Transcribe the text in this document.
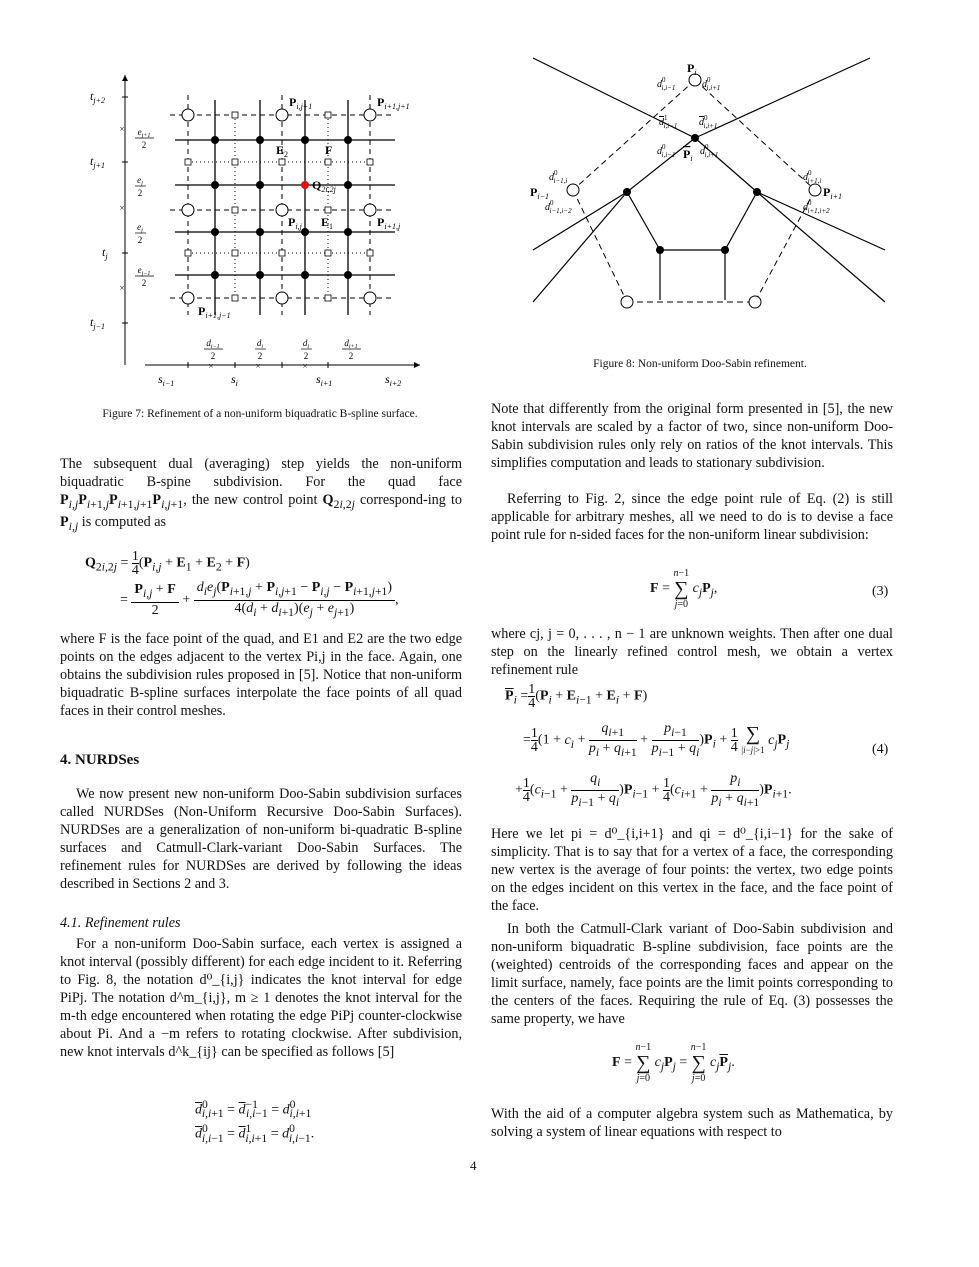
×
×
×
×	×	×
$t_{j+2}$
$t_{j+1}$
$t_j$
$t_{j-1}$
$s_{i-1}$	$s_i$	$s_{i+1}$	$s_{i+2}$
$e_{j+1}$
2
$e_j$
2
$e_j$
2
$e_{j-1}$
2
$d_{i-1}$
2
$d_i$
2
$d_i$
2
$d_{i+1}$
2
$P_{i,j+1}$	$P_{i+1,j+1}$
$P_{i,j}$	$P_{i+1,j}$
$P_{i+1,j-1}$
$E_2$	F
$Q_{2i,2j}$
$E_1$
Figure 7: Refinement of a non-uniform biquadratic B-spline surface.
$P_i$
$P_{i-1}$	$P_{i+1}$
$P_i$
$d^0$ i,i−1	$d^0$ i,i+1
$d^1$ i,i−1 $d^0$ i,i+1
$d^0$ i,i−1 $d^0$ i,i+1
$d^0$ i−1,i
$d^0$ i−1,i−2
$d^0$ i+1,i
$d^0$ i+1,i+2
Figure 8: Non-uniform Doo-Sabin refinement.
The subsequent dual (averaging) step yields the non-uniform biquadratic B-spine subdivision. For the quad face $P_{i,j}P_{i+1,j}P_{i+1,j+1}P_{i,j+1}$, the new control point $Q_{2i,2j}$ correspond-ing to $P_{i,j}$ is computed as
$Q_{2i,2j} = 1$
$4(P_{i,j} + E_1 + E_2 + F)$
=
$P_{i,j} + F$
2 +
$d_ie_j(P_{i+1,j} + P_{i,j+1} - P_{i,j} - P_{i+1,j+1})$
$4(d_i + d_{i+1})(e_j + e_{j+1})$,
where F is the face point of the quad, and E1 and E2 are the two edge points on the edges adjacent to the vertex Pi,j in the face. Again, one obtains the subdivision rules proposed in [5]. Notice that non-uniform biquadratic B-spline surfaces interpolate the face points of all quad faces in their control meshes.
4. NURDSes
We now present new non-uniform Doo-Sabin subdivision surfaces called NURDSes (Non-Uniform Recursive Doo-Sabin Surfaces). NURDSes are a generalization of non-uniform bi-quadratic B-spline surfaces and Catmull-Clark-variant Doo-Sabin Surfaces. The refinement rules for NURDSes are derived by following the ideas described in Sections 2 and 3.
4.1. Refinement rules
For a non-uniform Doo-Sabin surface, each vertex is assigned a knot interval (possibly different) for each edge incident to it. Referring to Fig. 8, the notation d⁰_{i,j} indicates the knot interval for edge PiPj. The notation d^m_{i,j}, m ≥ 1 denotes the knot interval for the m-th edge encountered when rotating the edge PiPj counter-clockwise about Pi. And a −m refers to rotating clockwise. After subdivision, new knot intervals d^k_{ij} can be specified as follows [5]
$\overline{d}^0_{i,i+1} = \overline{d}^{-1}_{i,i-1} = d^0_{i,i+1}$
$\overline{d}^0_{i,i-1} = \overline{d}^1_{i,i+1} = d^0_{i,i-1}$.
Note that differently from the original form presented in [5], the new knot intervals are scaled by a factor of two, since non-uniform Doo-Sabin subdivision rules only rely on ratios of the knot intervals. This simplifies computation and leads to stationary subdivision.
Referring to Fig. 2, since the edge point rule of Eq. (2) is still applicable for arbitrary meshes, all we need to do is to devise a face point rule for n-sided faces for the non-uniform linear subdivision:
F = n−1
∑
j=0 $c_jP_j$,	(3)
where cj, j = 0, . . . , n − 1 are unknown weights. Then after one dual step on the linearly refined control mesh, we obtain a vertex refinement rule
$\overline{P}_i = 1$
$4(P_i + E_{i-1} + E_i + F)$
= 1
$4(1 + c_i$ +
$q_{i+1}$
$p_i + q_{i+1}$ +
$p_{i-1}$
$p_{i-1} + q_i)P_i + 1$
4 ∑
|i−j|>1 $c_jP_j$
+ 1
$4(c_{i-1}$ +
$q_i$
$p_{i-1} + q_i)P_{i-1} + 1$
$4(c_{i+1}$ +
$p_i$
$p_i + q_{i+1})P_{i+1}$.
(4)
Here we let pi = d⁰_{i,i+1} and qi = d⁰_{i,i−1} for the sake of simplicity. That is to say that for a vertex of a face, the corresponding new vertex is the average of four points: the vertex, two edge points on the edges incident on this vertex in the face, and the face point of the face.
In both the Catmull-Clark variant of Doo-Sabin subdivision and non-uniform biquadratic B-spline subdivision, face points are the (weighted) centroids of the corresponding faces and appear on the limit surface, namely, face points are the limit points corresponding to the centers of the faces. Requiring the rule of Eq. (3) possesses the same property, we have
F = n−1
∑
j=0 $c_jP_j = n-1$
∑
j=0 $c_j\overline{P}_j$.
With the aid of a computer algebra system such as Mathematica, by solving a system of linear equations with respect to
4
